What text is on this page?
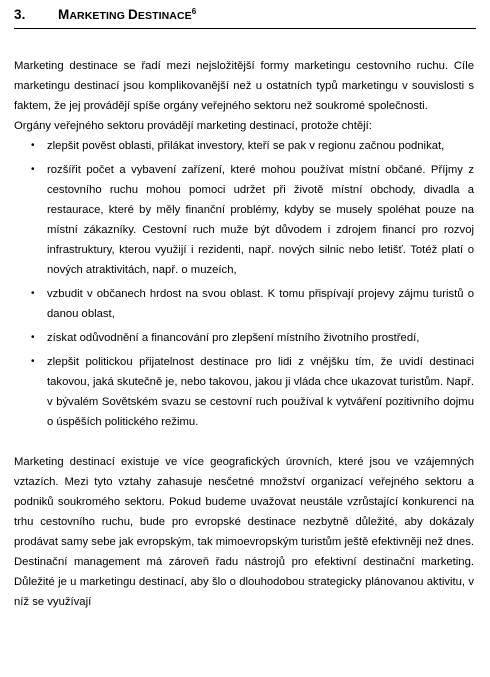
3. MARKETING DESTINACE$^6$

Marketing destinace se řadí mezi nejsložitější formy marketingu cestovního ruchu. Cíle marketingu destinací jsou komplikovanější než u ostatních typů marketingu v souvislosti s faktem, že jej provádějí spíše orgány veřejného sektoru než soukromé společnosti.

Orgány veřejného sektoru provádějí marketing destinací, protože chtějí:

• zlepšit pověst oblasti, přilákat investory, kteří se pak v regionu začnou podnikat,
• rozšířit počet a vybavení zařízení, které mohou používat místní občané. Příjmy z cestovního ruchu mohou pomoci udržet při životě místní obchody, divadla a restaurace, které by měly finanční problémy, kdyby se musely spoléhat pouze na místní zákazníky. Cestovní ruch muže být důvodem i zdrojem financí pro rozvoj infrastruktury, kterou využijí i rezidenti, např. nových silnic nebo letišť. Totéž platí o nových atraktivitách, např. o muzeích,
• vzbudit v občanech hrdost na svou oblast. K tomu přispívají projevy zájmu turistů o danou oblast,
• získat odůvodnění a financování pro zlepšení místního životního prostředí,
• zlepšit politickou přijatelnost destinace pro lidi z vnějšku tím, že uvidí destinaci takovou, jaká skutečně je, nebo takovou, jakou ji vláda chce ukazovat turistům. Např. v bývalém Sovětském svazu se cestovní ruch používal k vytváření pozitivního dojmu o úspěších politického režimu.

Marketing destinací existuje ve více geografických úrovních, které jsou ve vzájemných vztazích. Mezi tyto vztahy zahasuje nesčetné množství organizací veřejného sektoru a podniků soukromého sektoru. Pokud budeme uvažovat neustále vzrůstající konkurenci na trhu cestovního ruchu, bude pro evropské destinace nezbytně důležité, aby dokázaly prodávat samy sebe jak evropským, tak mimoevropským turistům ještě efektivněji než dnes. Destinační management má zároveň řadu nástrojů pro efektivní destinační marketing. Důležité je u marketingu destinací, aby šlo o dlouhodobou strategicky plánovanou aktivitu, v níž se využívají
